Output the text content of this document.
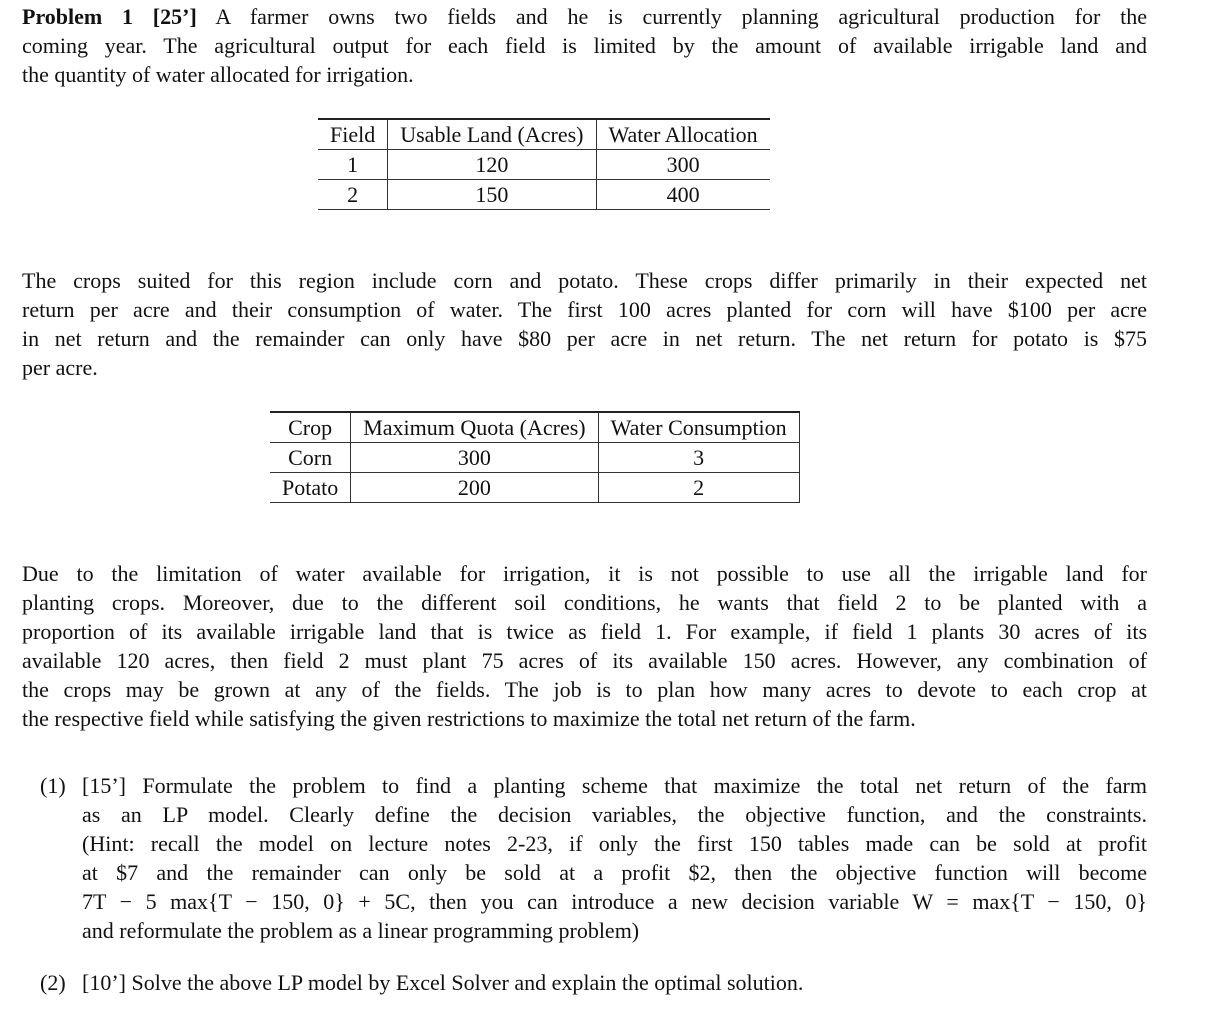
Problem 1 [25’] A farmer owns two fields and he is currently planning agricultural production for the
coming year. The agricultural output for each field is limited by the amount of available irrigable land and
the quantity of water allocated for irrigation.
Field	Usable Land (Acres)	Water Allocation
1	120	300
2	150	400
The crops suited for this region include corn and potato. These crops differ primarily in their expected net
return per acre and their consumption of water. The first 100 acres planted for corn will have $100 per acre
in net return and the remainder can only have $80 per acre in net return. The net return for potato is $75
per acre.
Crop	Maximum Quota (Acres)	Water Consumption
Corn	300	3
Potato	200	2
Due to the limitation of water available for irrigation, it is not possible to use all the irrigable land for
planting crops. Moreover, due to the different soil conditions, he wants that field 2 to be planted with a
proportion of its available irrigable land that is twice as field 1. For example, if field 1 plants 30 acres of its
available 120 acres, then field 2 must plant 75 acres of its available 150 acres. However, any combination of
the crops may be grown at any of the fields. The job is to plan how many acres to devote to each crop at
the respective field while satisfying the given restrictions to maximize the total net return of the farm.
(1) [15’] Formulate the problem to find a planting scheme that maximize the total net return of the farm
as an LP model. Clearly define the decision variables, the objective function, and the constraints.
(Hint: recall the model on lecture notes 2-23, if only the first 150 tables made can be sold at profit
at $7 and the remainder can only be sold at a profit $2, then the objective function will become
7T − 5 max{T − 150, 0} + 5C, then you can introduce a new decision variable W = max{T − 150, 0}
and reformulate the problem as a linear programming problem)
(2) [10’] Solve the above LP model by Excel Solver and explain the optimal solution.
